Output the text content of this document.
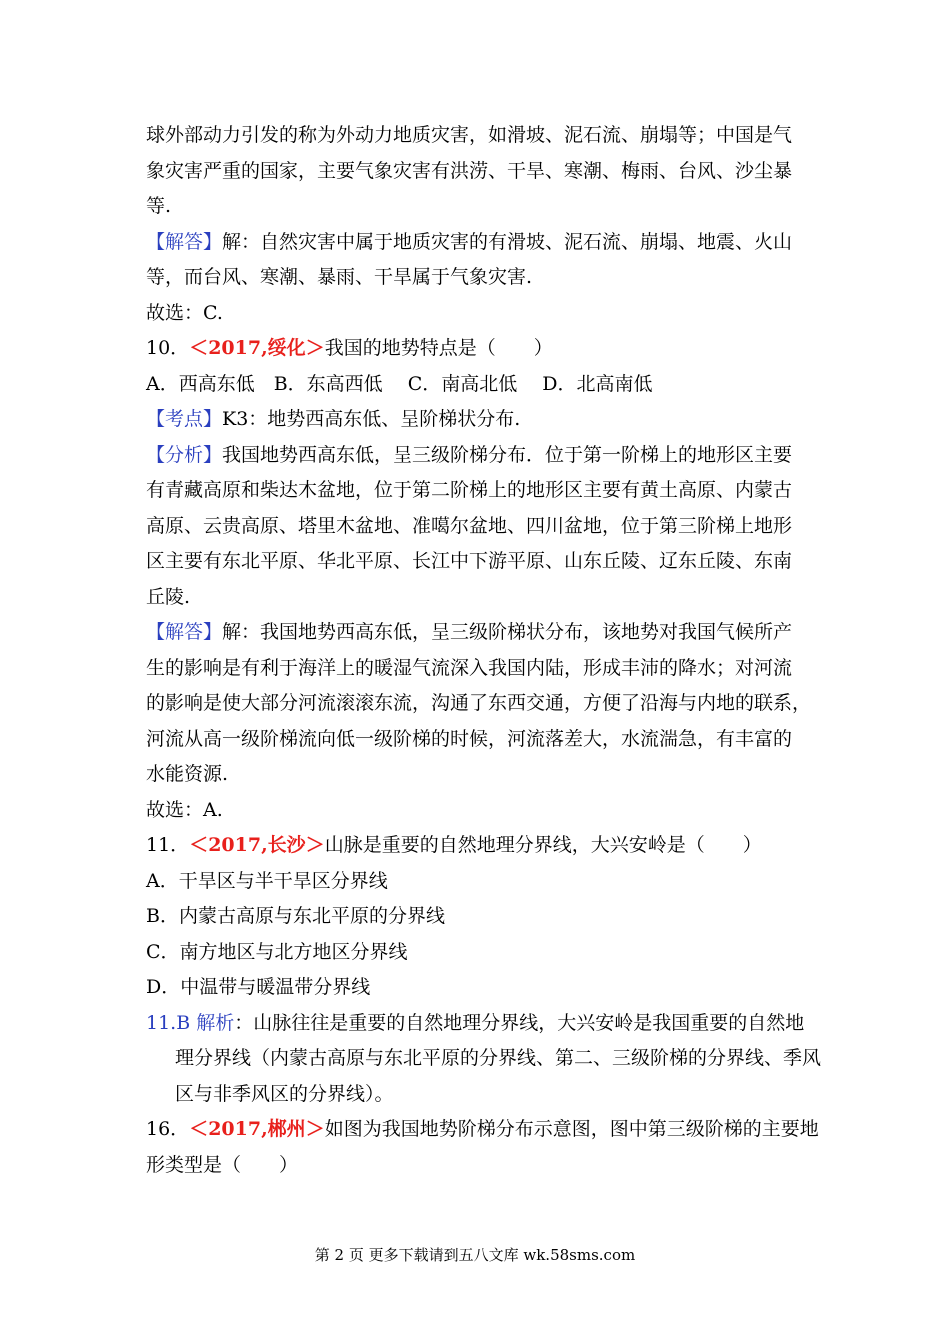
球外部动力引发的称为外动力地质灾害，如滑坡、泥石流、崩塌等；中国是气
象灾害严重的国家，主要气象灾害有洪涝、干旱、寒潮、梅雨、台风、沙尘暴
等.
【解答】解：自然灾害中属于地质灾害的有滑坡、泥石流、崩塌、地震、火山
等，而台风、寒潮、暴雨、干旱属于气象灾害.
故选：C.
10．＜2017,绥化＞我国的地势特点是（　　）
A．西高东低　B．东高西低　 C．南高北低　 D．北高南低
【考点】K3：地势西高东低、呈阶梯状分布.
【分析】我国地势西高东低，呈三级阶梯分布．位于第一阶梯上的地形区主要
有青藏高原和柴达木盆地，位于第二阶梯上的地形区主要有黄土高原、内蒙古
高原、云贵高原、塔里木盆地、准噶尔盆地、四川盆地，位于第三阶梯上地形
区主要有东北平原、华北平原、长江中下游平原、山东丘陵、辽东丘陵、东南
丘陵.
【解答】解：我国地势西高东低，呈三级阶梯状分布，该地势对我国气候所产
生的影响是有利于海洋上的暖湿气流深入我国内陆，形成丰沛的降水；对河流
的影响是使大部分河流滚滚东流，沟通了东西交通，方便了沿海与内地的联系，
河流从高一级阶梯流向低一级阶梯的时候，河流落差大，水流湍急，有丰富的
水能资源.
故选：A.
11．＜2017,长沙＞山脉是重要的自然地理分界线，大兴安岭是（　　）
A．干旱区与半干旱区分界线
B．内蒙古高原与东北平原的分界线
C．南方地区与北方地区分界线
D．中温带与暖温带分界线
11.B 解析：山脉往往是重要的自然地理分界线，大兴安岭是我国重要的自然地
理分界线（内蒙古高原与东北平原的分界线、第二、三级阶梯的分界线、季风
区与非季风区的分界线）。
16．＜2017,郴州＞如图为我国地势阶梯分布示意图，图中第三级阶梯的主要地
形类型是（　　）
第 2 页 更多下载请到五八文库 wk.58sms.com
